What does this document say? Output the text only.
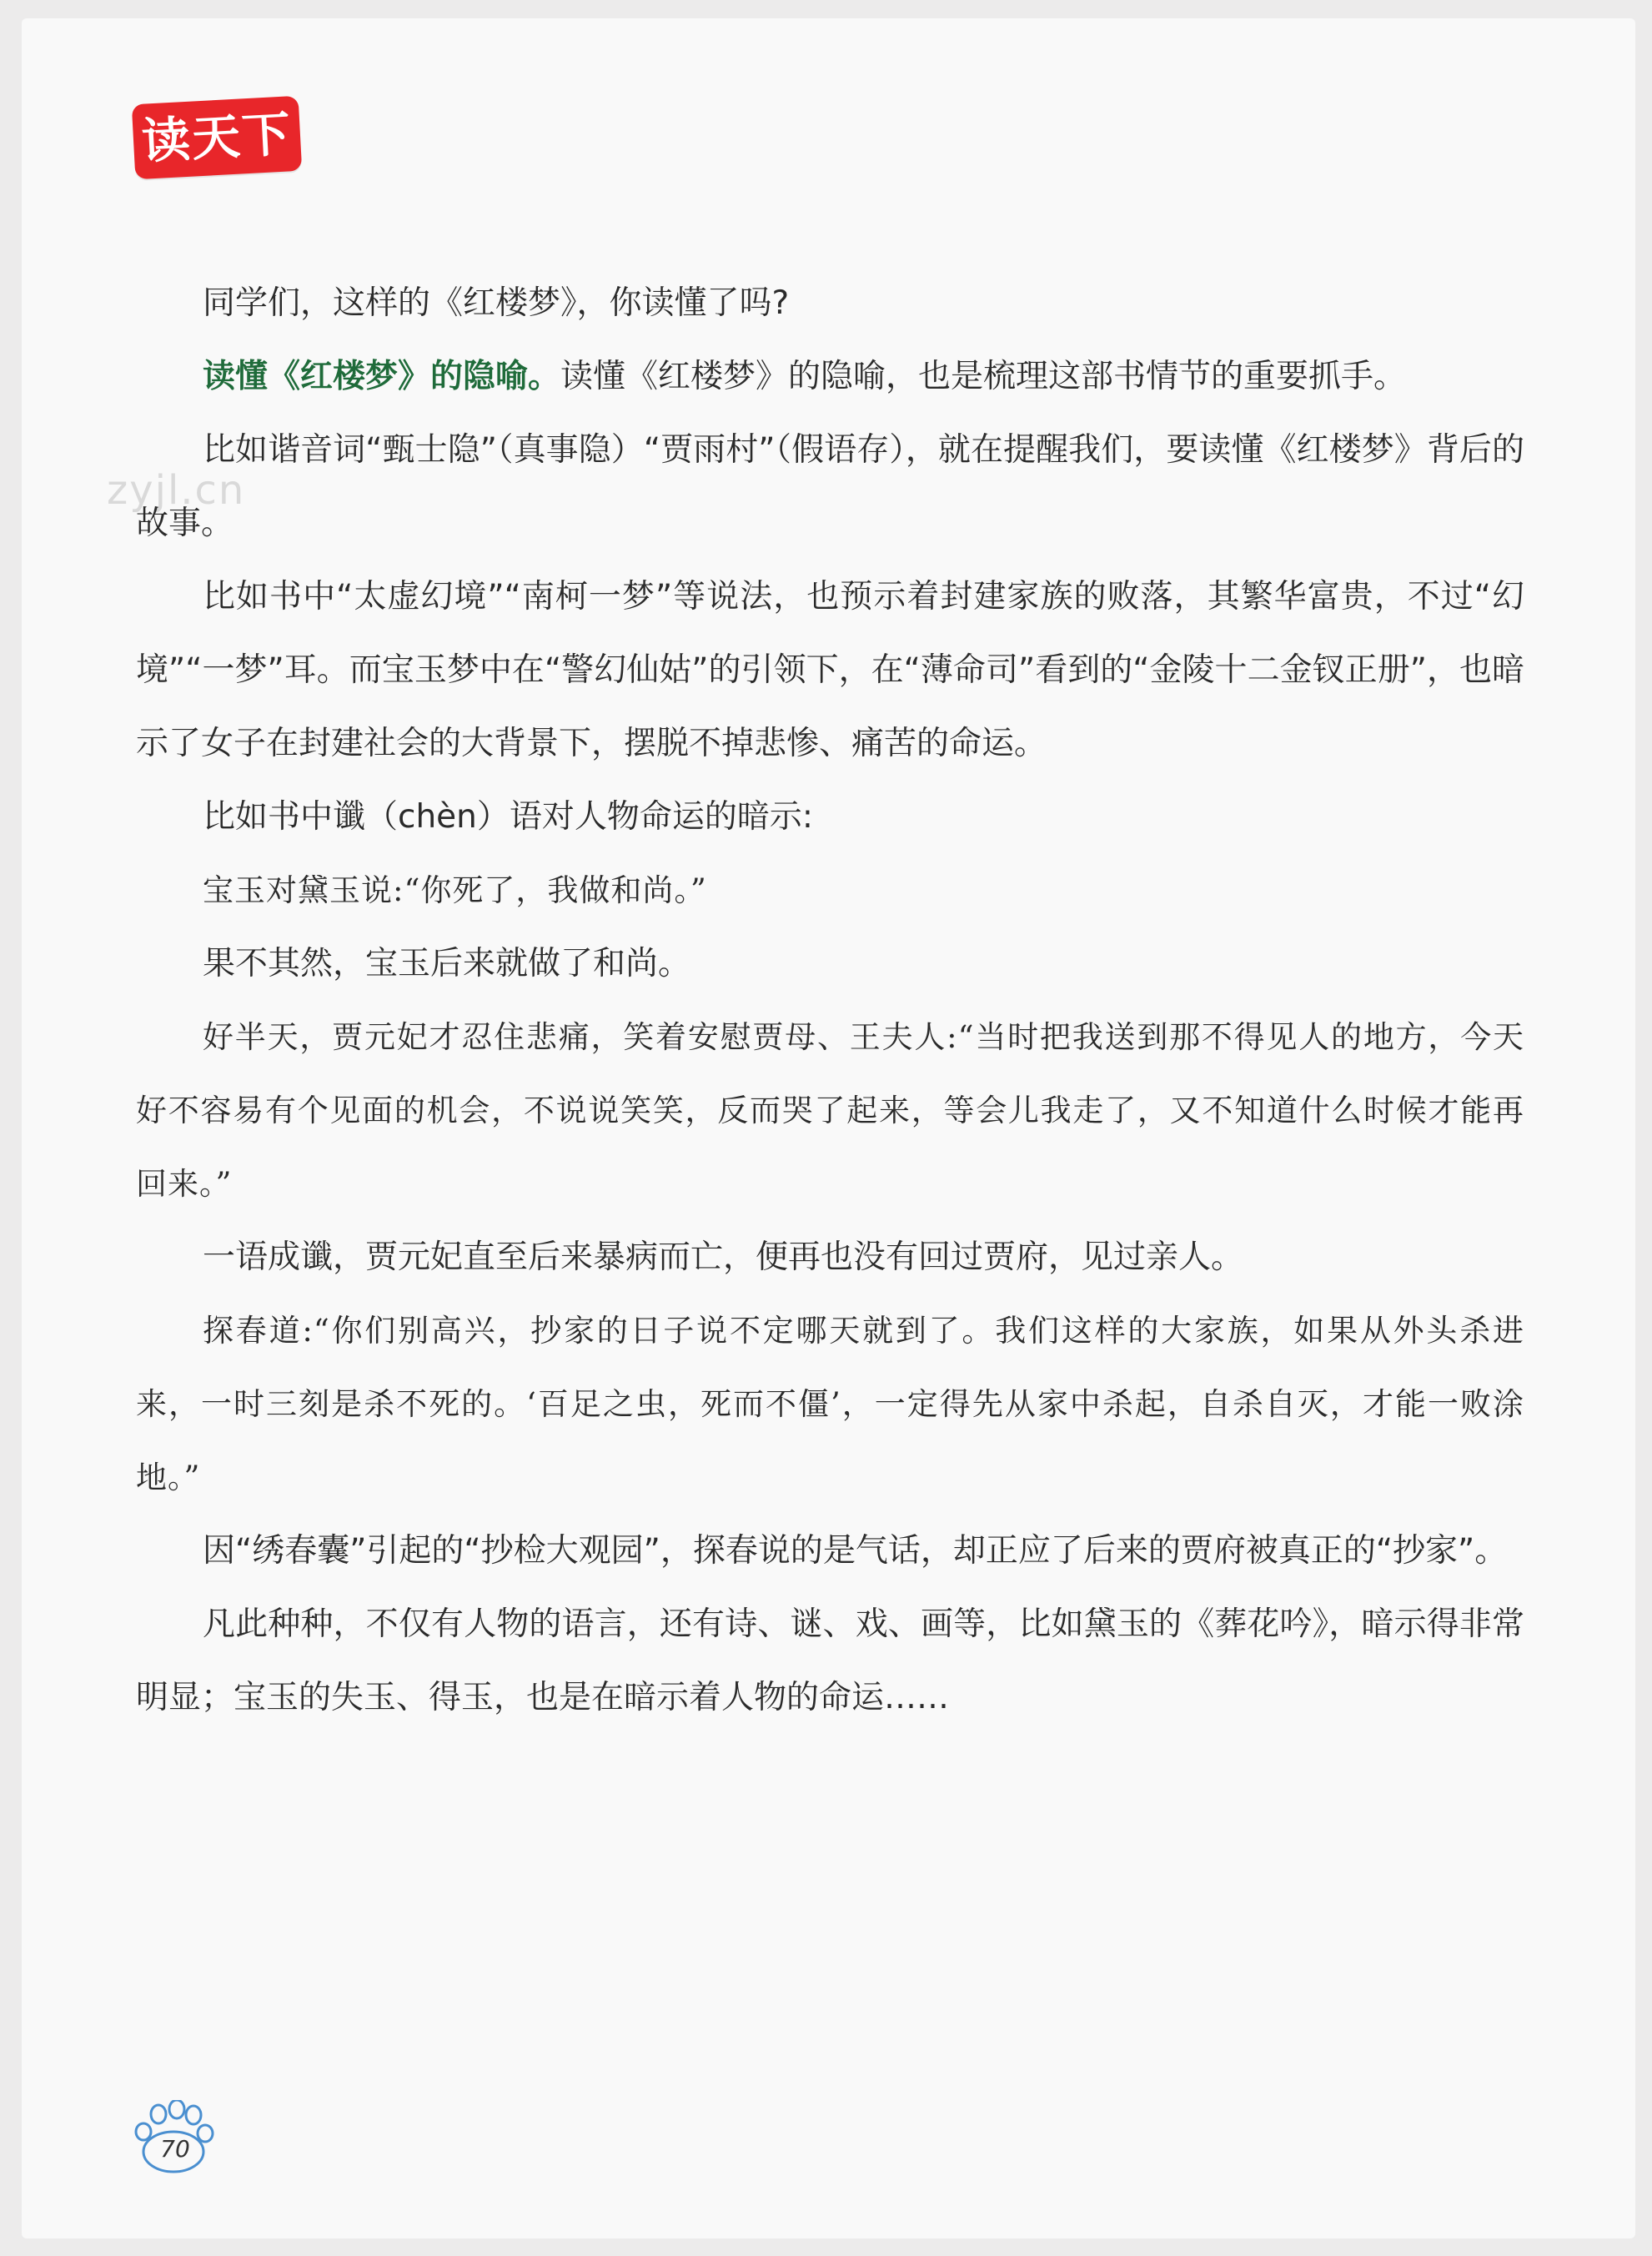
读天下
zyjl.cn

同学们，这样的《红楼梦》，你读懂了吗?

读懂《红楼梦》的隐喻。读懂《红楼梦》的隐喻，也是梳理这部书情节的重要抓手。

比如谐音词“甄士隐”（真事隐）“贾雨村”（假语存），就在提醒我们，要读懂《红楼梦》背后的故事。

比如书中“太虚幻境”“南柯一梦”等说法，也预示着封建家族的败落，其繁华富贵，不过“幻境”“一梦”耳。而宝玉梦中在“警幻仙姑”的引领下，在“薄命司”看到的“金陵十二金钗正册”，也暗示了女子在封建社会的大背景下，摆脱不掉悲惨、痛苦的命运。

比如书中谶（chèn）语对人物命运的暗示:

宝玉对黛玉说:“你死了，我做和尚。”

果不其然，宝玉后来就做了和尚。

好半天，贾元妃才忍住悲痛，笑着安慰贾母、王夫人:“当时把我送到那不得见人的地方，今天好不容易有个见面的机会，不说说笑笑，反而哭了起来，等会儿我走了，又不知道什么时候才能再回来。”

一语成谶，贾元妃直至后来暴病而亡，便再也没有回过贾府，见过亲人。

探春道:“你们别高兴，抄家的日子说不定哪天就到了。我们这样的大家族，如果从外头杀进来，一时三刻是杀不死的。‘百足之虫，死而不僵’，一定得先从家中杀起，自杀自灭，才能一败涂地。”

因“绣春囊”引起的“抄检大观园”，探春说的是气话，却正应了后来的贾府被真正的“抄家”。

凡此种种，不仅有人物的语言，还有诗、谜、戏、画等，比如黛玉的《葬花吟》，暗示得非常明显；宝玉的失玉、得玉，也是在暗示着人物的命运……

70
